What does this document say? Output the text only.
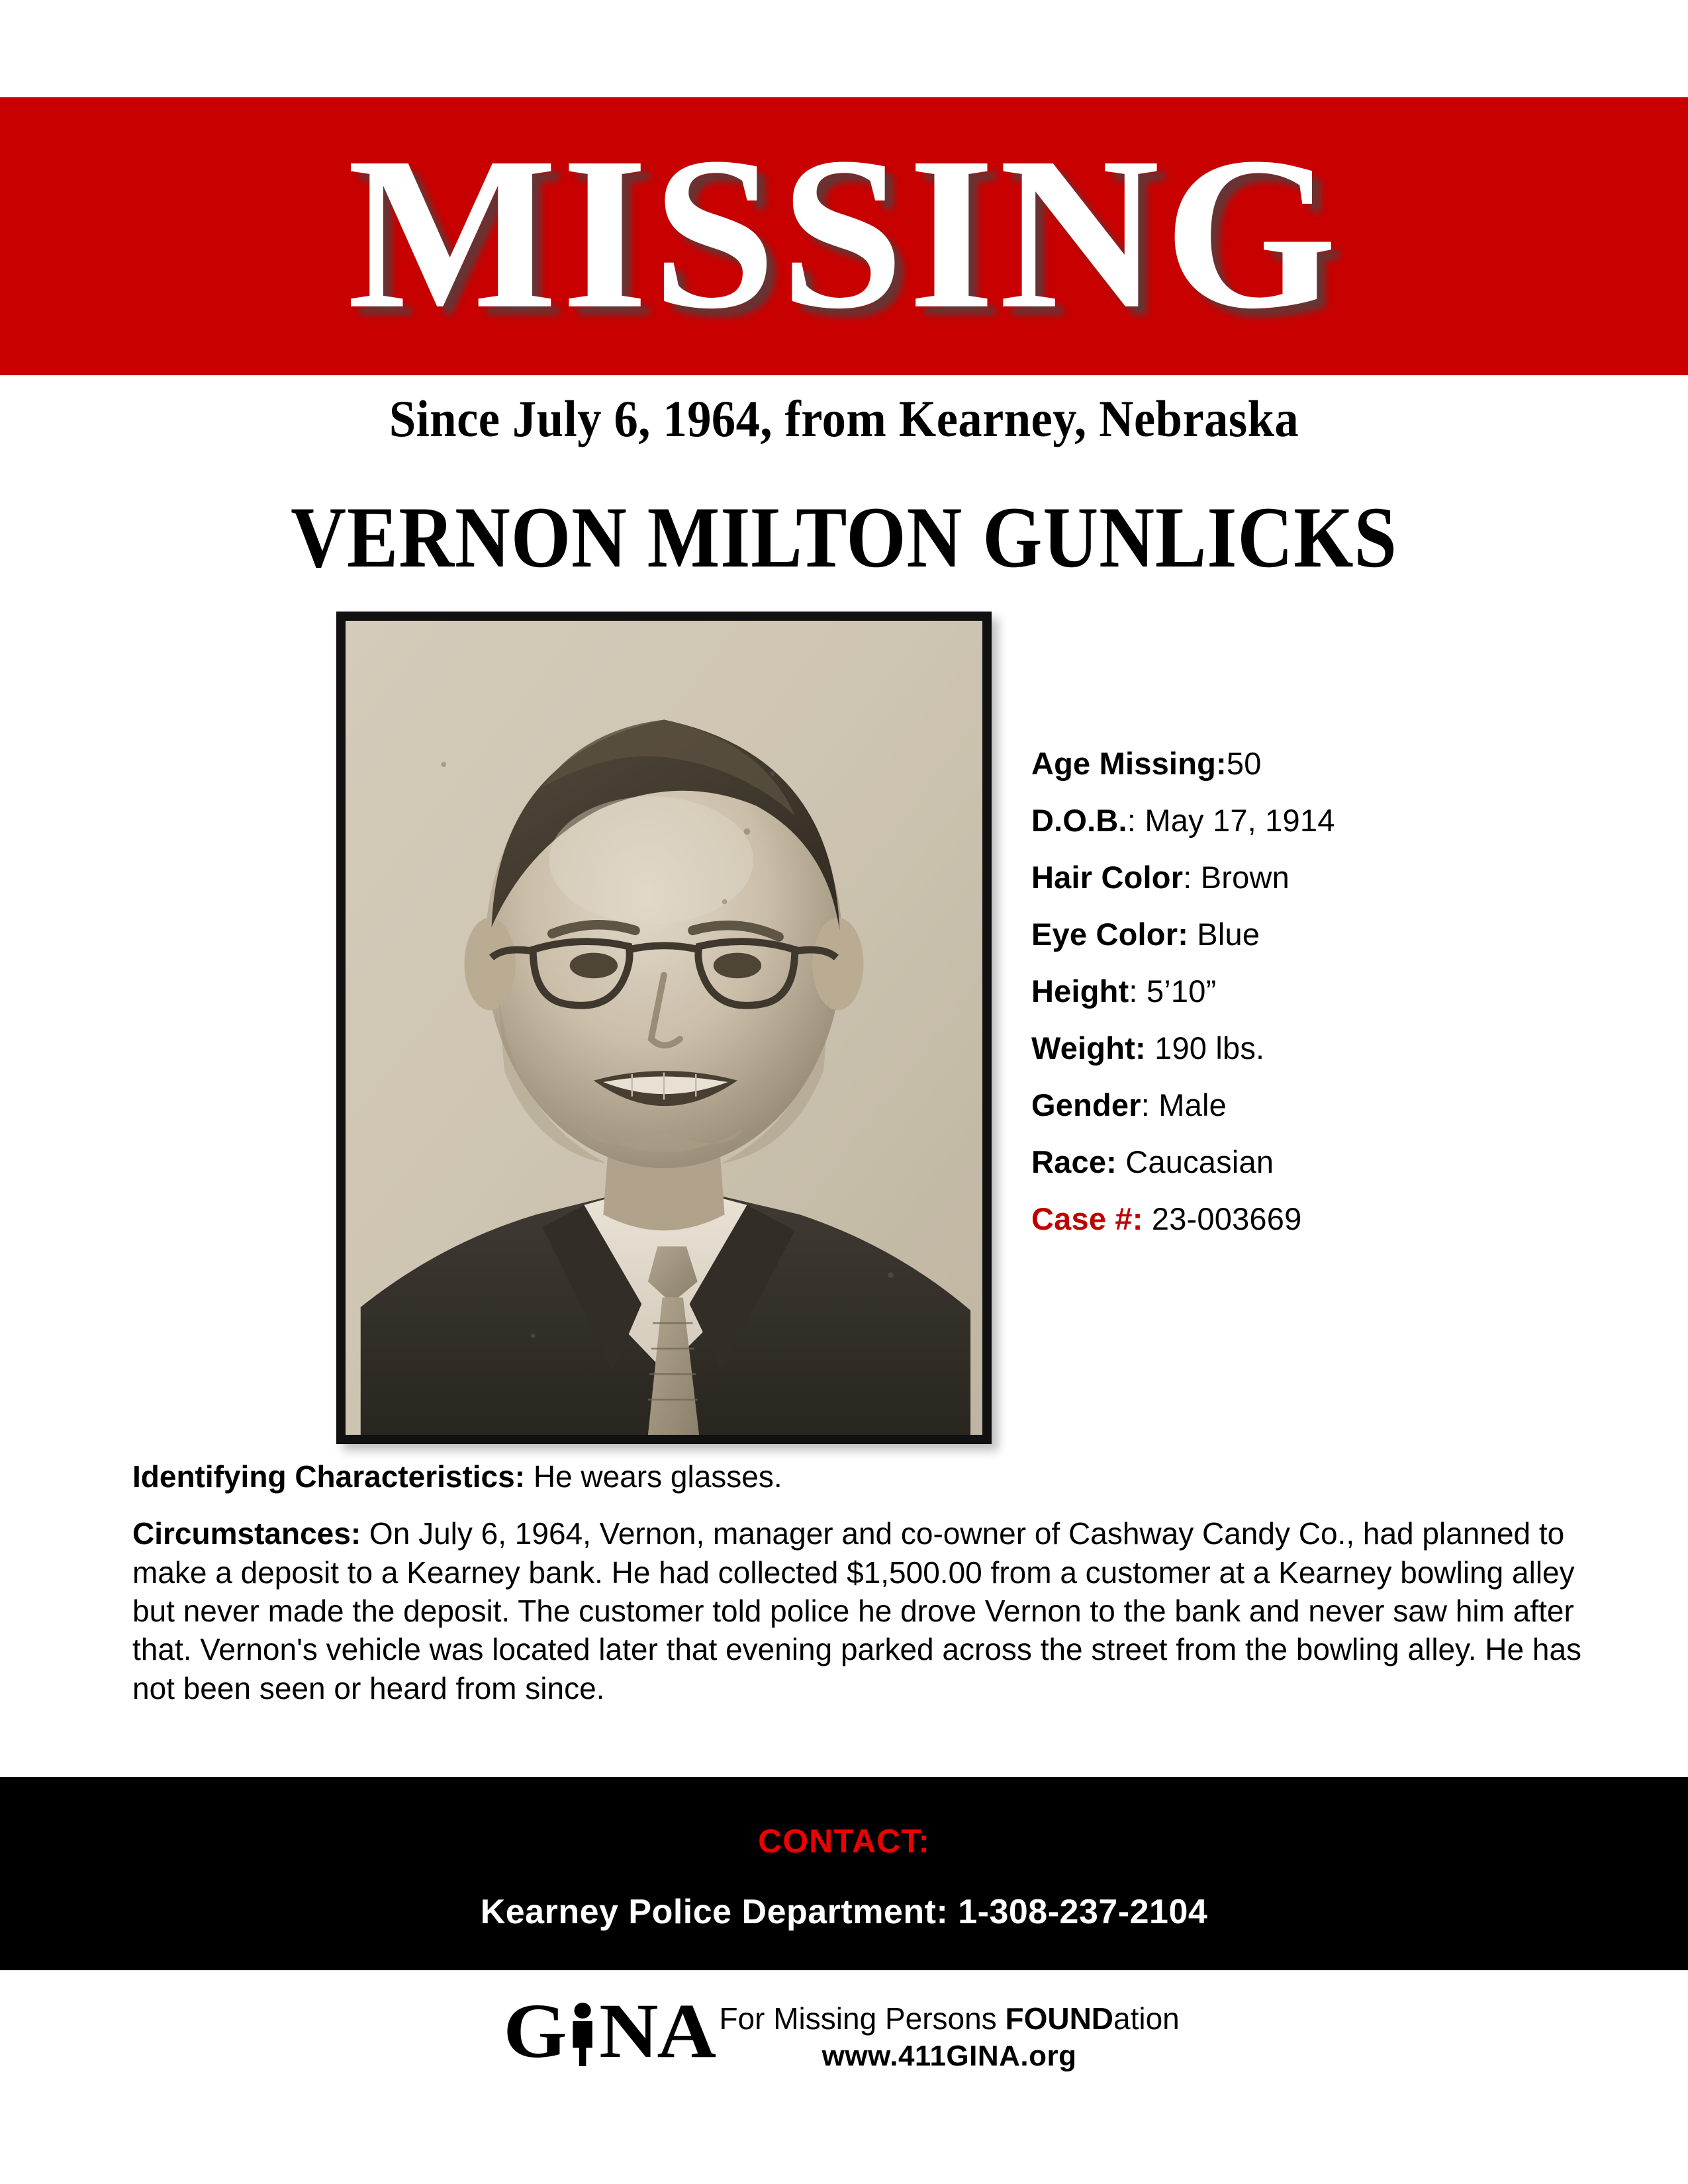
MISSING
Since July 6, 1964, from Kearney, Nebraska
VERNON MILTON GUNLICKS
Age Missing:50
D.O.B.: May 17, 1914
Hair Color: Brown
Eye Color: Blue
Height: 5’10”
Weight: 190 lbs.
Gender: Male
Race: Caucasian
Case #: 23-003669

Identifying Characteristics: He wears glasses.

Circumstances: On July 6, 1964, Vernon, manager and co-owner of Cashway Candy Co., had planned to make a deposit to a Kearney bank. He had collected $1,500.00 from a customer at a Kearney bowling alley but never made the deposit. The customer told police he drove Vernon to the bank and never saw him after that. Vernon's vehicle was located later that evening parked across the street from the bowling alley. He has not been seen or heard from since.

CONTACT:
Kearney Police Department: 1-308-237-2104
G NA For Missing Persons FOUNDation
www.411GINA.org
